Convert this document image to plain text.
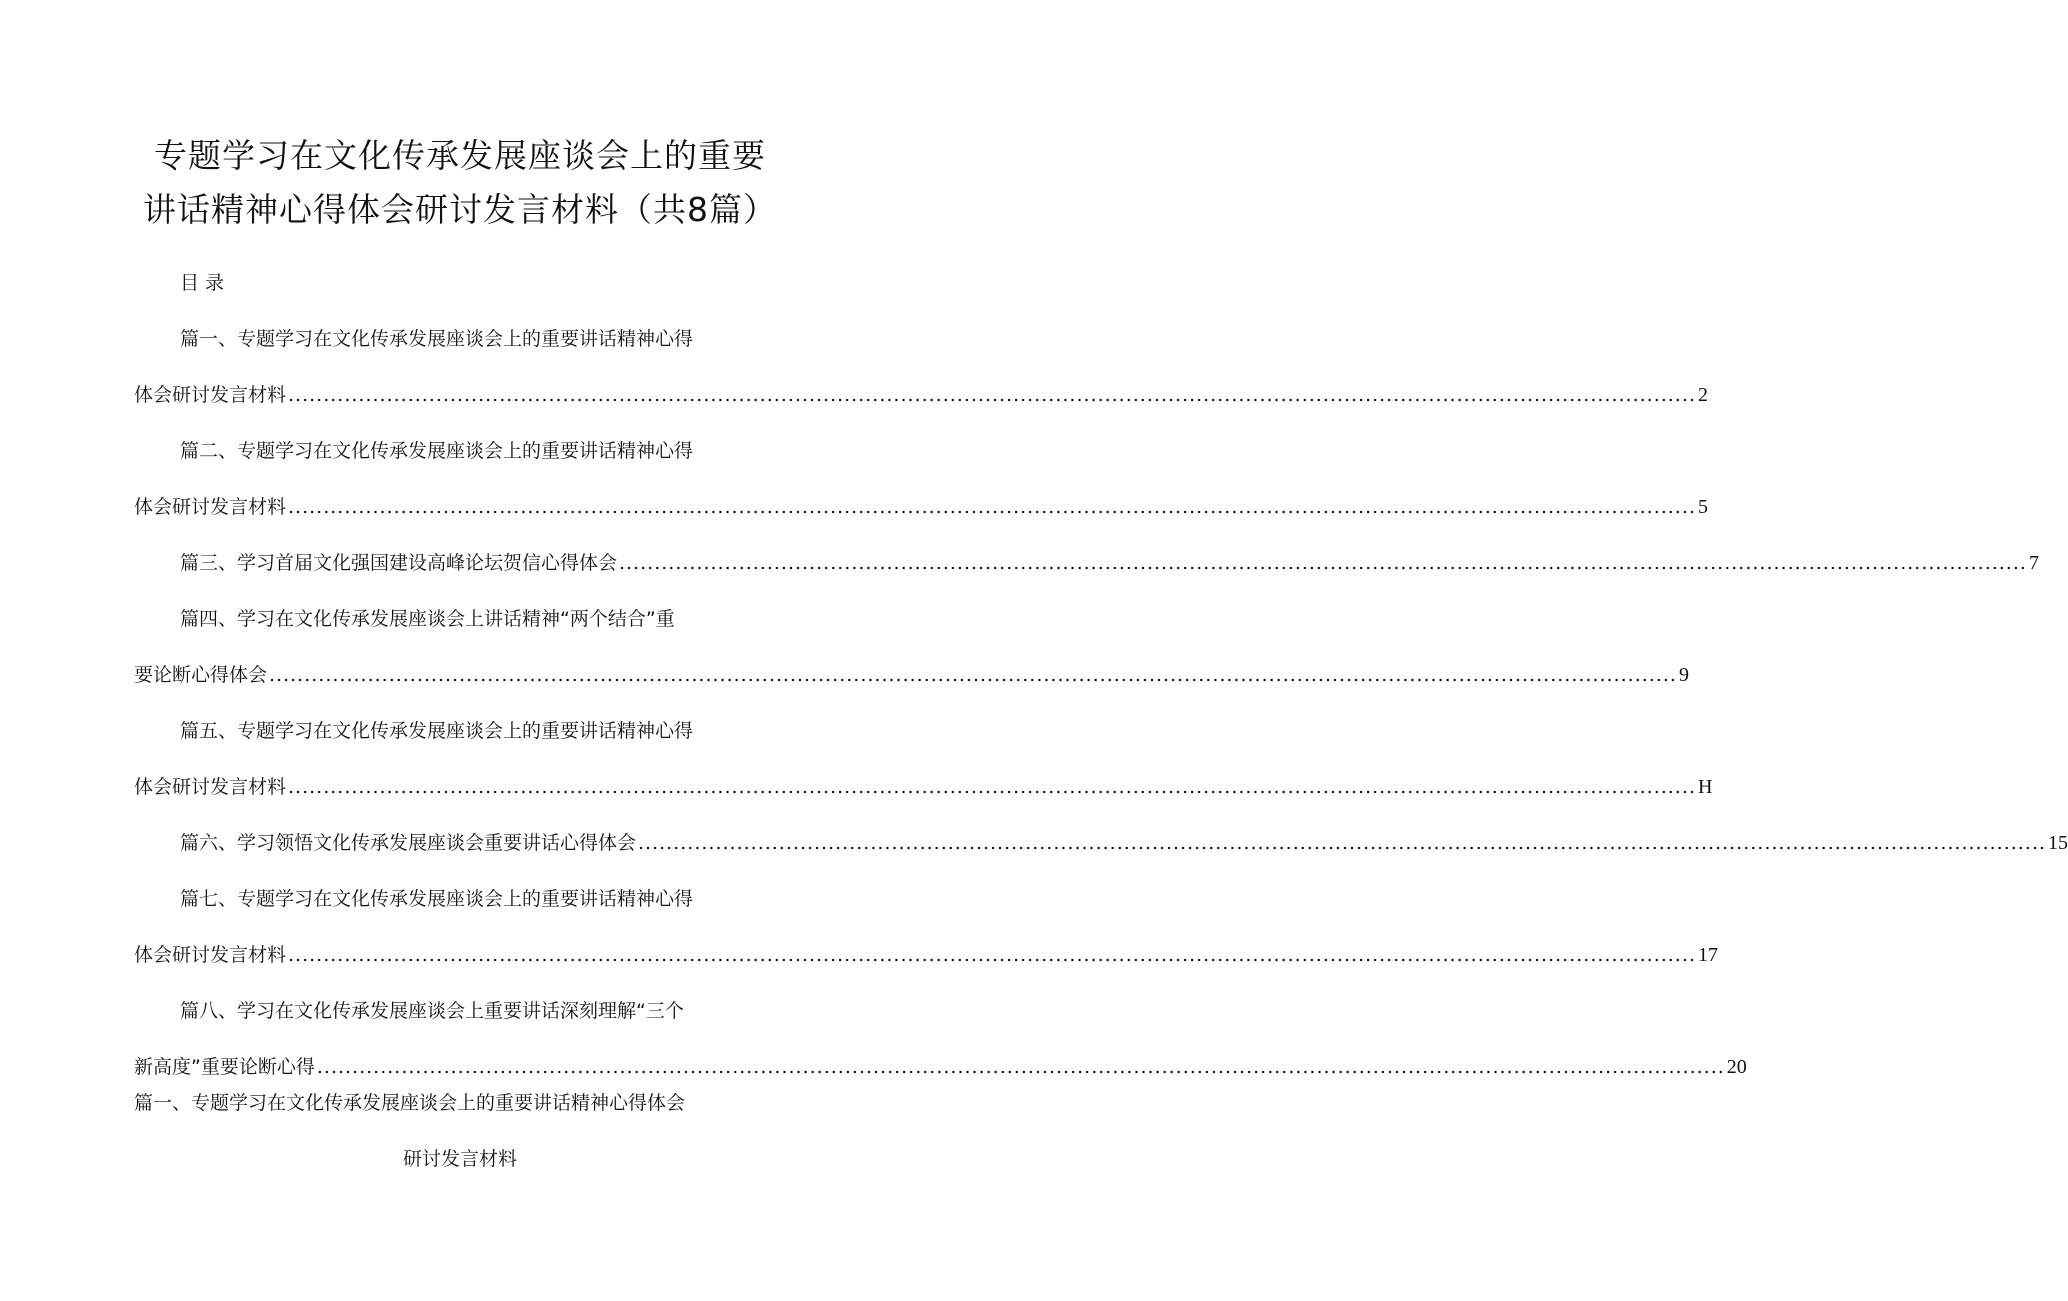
专题学习在文化传承发展座谈会上的重要
讲话精神心得体会研讨发言材料（共8篇）
目录
篇一、专题学习在文化传承发展座谈会上的重要讲话精神心得
体会研讨发言材料 ........................................................................................................................................................................................................ 2
篇二、专题学习在文化传承发展座谈会上的重要讲话精神心得
体会研讨发言材料 ........................................................................................................................................................................................................ 5
篇三、学习首届文化强国建设高峰论坛贺信心得体会 ........................................................................................................................................................................................................ 7
篇四、学习在文化传承发展座谈会上讲话精神“两个结合”重
要论断心得体会 ........................................................................................................................................................................................................ 9
篇五、专题学习在文化传承发展座谈会上的重要讲话精神心得
体会研讨发言材料 ........................................................................................................................................................................................................ H
篇六、学习领悟文化传承发展座谈会重要讲话心得体会 ........................................................................................................................................................................................................ 15
篇七、专题学习在文化传承发展座谈会上的重要讲话精神心得
体会研讨发言材料 ........................................................................................................................................................................................................ 17
篇八、学习在文化传承发展座谈会上重要讲话深刻理解“三个
新高度”重要论断心得 ........................................................................................................................................................................................................ 20
篇一、专题学习在文化传承发展座谈会上的重要讲话精神心得体会
研讨发言材料
